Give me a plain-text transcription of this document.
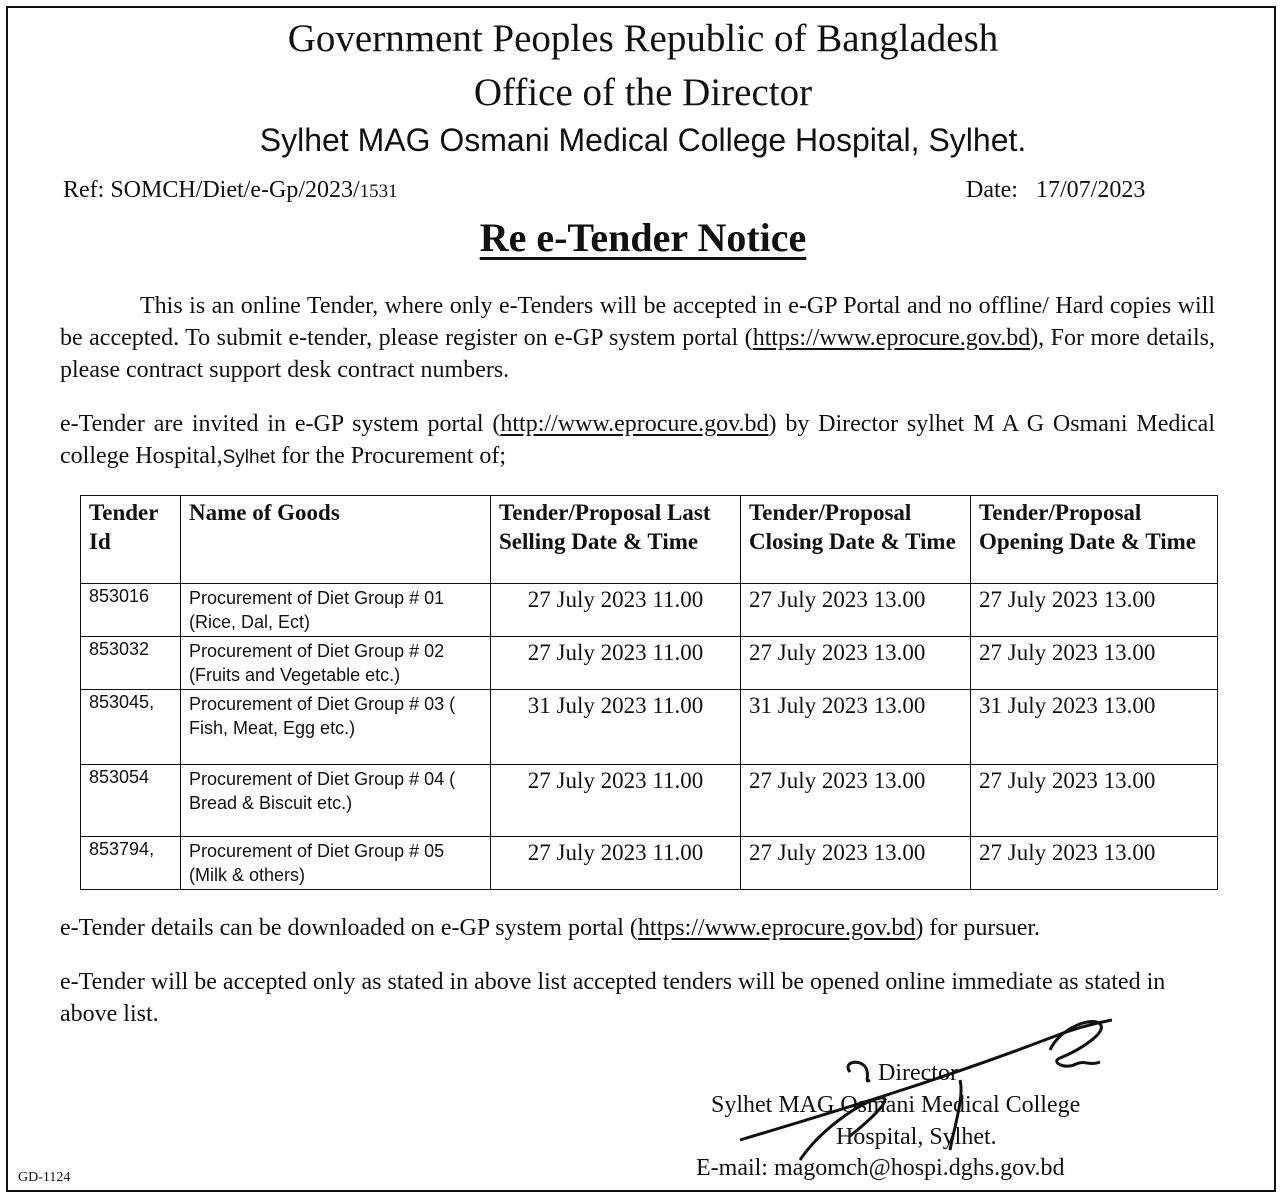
Government Peoples Republic of Bangladesh
Office of the Director
Sylhet MAG Osmani Medical College Hospital, Sylhet.
Ref: SOMCH/Diet/e-Gp/2023/1531	Date: 17/07/2023
Re e-Tender Notice
This is an online Tender, where only e-Tenders will be accepted in e-GP Portal and no offline/ Hard copies will be accepted. To submit e-tender, please register on e-GP system portal (https://www.eprocure.gov.bd), For more details, please contract support desk contract numbers.
e-Tender are invited in e-GP system portal (http://www.eprocure.gov.bd) by Director sylhet M A G Osmani Medical college Hospital,Sylhet for the Procurement of;
Tender Id	Name of Goods	Tender/Proposal Last Selling Date & Time	Tender/Proposal Closing Date & Time	Tender/Proposal Opening Date & Time
853016	Procurement of Diet Group # 01 (Rice, Dal, Ect)	27 July 2023 11.00	27 July 2023 13.00	27 July 2023 13.00
853032	Procurement of Diet Group # 02 (Fruits and Vegetable etc.)	27 July 2023 11.00	27 July 2023 13.00	27 July 2023 13.00
853045,	Procurement of Diet Group # 03 ( Fish, Meat, Egg etc.)	31 July 2023 11.00	31 July 2023 13.00	31 July 2023 13.00
853054	Procurement of Diet Group # 04 ( Bread & Biscuit etc.)	27 July 2023 11.00	27 July 2023 13.00	27 July 2023 13.00
853794,	Procurement of Diet Group # 05 (Milk & others)	27 July 2023 11.00	27 July 2023 13.00	27 July 2023 13.00
e-Tender details can be downloaded on e-GP system portal (https://www.eprocure.gov.bd) for pursuer.
e-Tender will be accepted only as stated in above list accepted tenders will be opened online immediate as stated in above list.
Director
Sylhet MAG Osmani Medical College
Hospital, Sylhet.
E-mail: magomch@hospi.dghs.gov.bd
GD-1124
